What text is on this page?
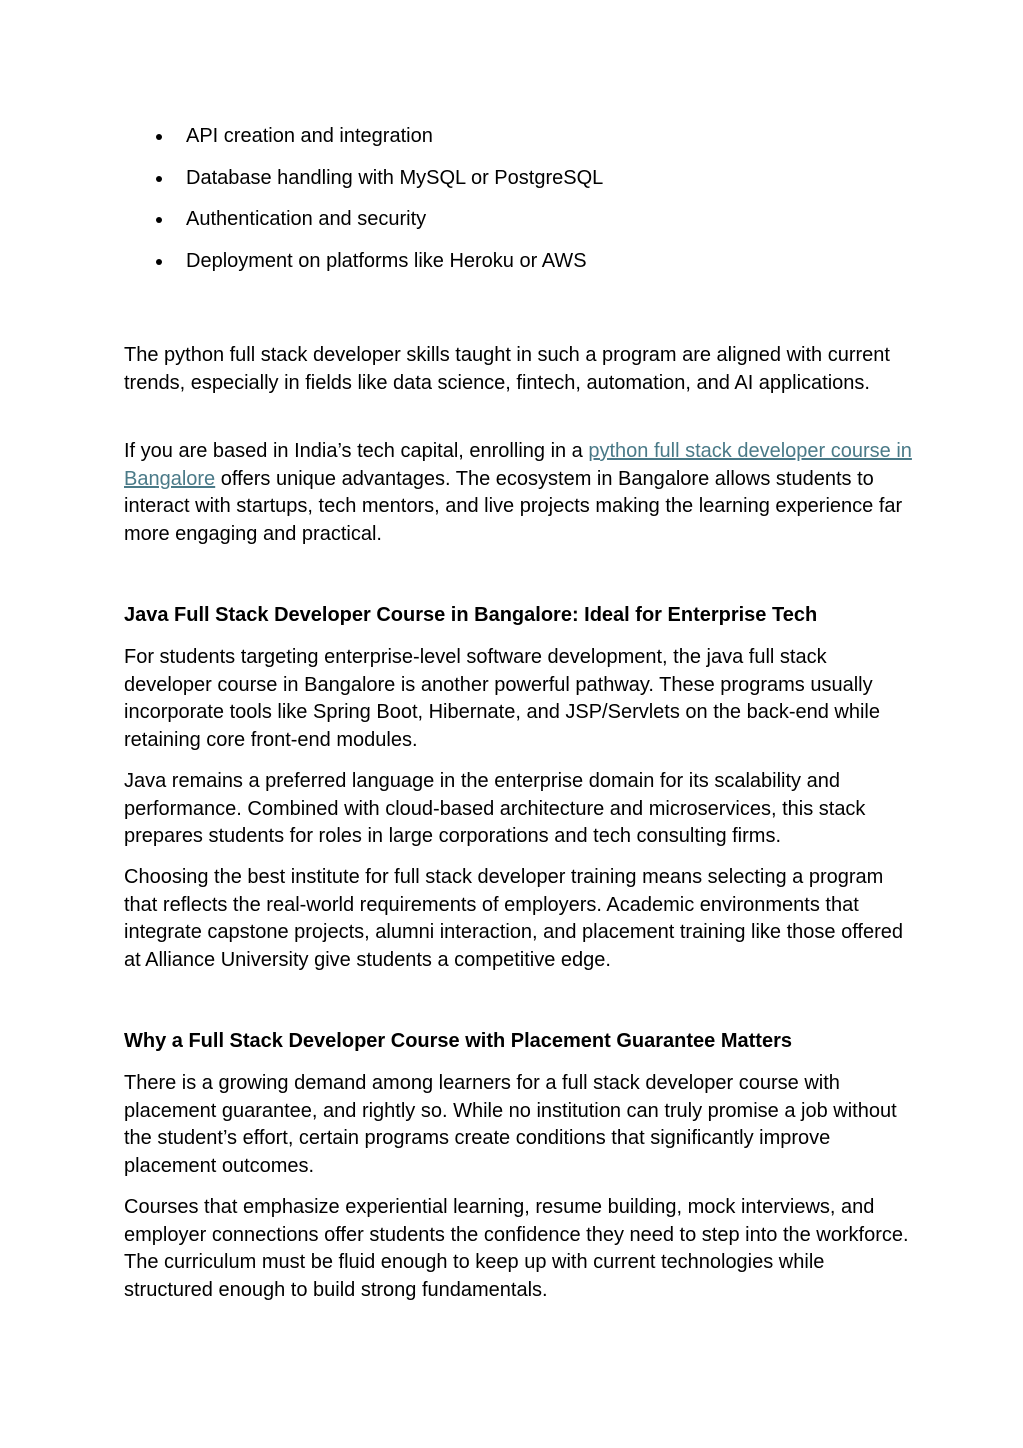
API creation and integration
Database handling with MySQL or PostgreSQL
Authentication and security
Deployment on platforms like Heroku or AWS

The python full stack developer skills taught in such a program are aligned with current trends, especially in fields like data science, fintech, automation, and AI applications.

If you are based in India’s tech capital, enrolling in a python full stack developer course in Bangalore offers unique advantages. The ecosystem in Bangalore allows students to interact with startups, tech mentors, and live projects making the learning experience far more engaging and practical.

Java Full Stack Developer Course in Bangalore: Ideal for Enterprise Tech

For students targeting enterprise-level software development, the java full stack developer course in Bangalore is another powerful pathway. These programs usually incorporate tools like Spring Boot, Hibernate, and JSP/Servlets on the back-end while retaining core front-end modules.

Java remains a preferred language in the enterprise domain for its scalability and performance. Combined with cloud-based architecture and microservices, this stack prepares students for roles in large corporations and tech consulting firms.

Choosing the best institute for full stack developer training means selecting a program that reflects the real-world requirements of employers. Academic environments that integrate capstone projects, alumni interaction, and placement training like those offered at Alliance University give students a competitive edge.

Why a Full Stack Developer Course with Placement Guarantee Matters

There is a growing demand among learners for a full stack developer course with placement guarantee, and rightly so. While no institution can truly promise a job without the student’s effort, certain programs create conditions that significantly improve placement outcomes.

Courses that emphasize experiential learning, resume building, mock interviews, and employer connections offer students the confidence they need to step into the workforce. The curriculum must be fluid enough to keep up with current technologies while structured enough to build strong fundamentals.
